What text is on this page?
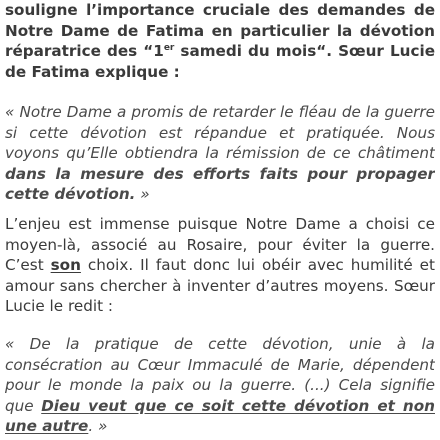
souligne l’importance cruciale des demandes de Notre Dame de Fatima en particulier la dévotion réparatrice des “1er samedi du mois“. Sœur Lucie de Fatima explique :

« Notre Dame a promis de retarder le fléau de la guerre si cette dévotion est répandue et pratiquée. Nous voyons qu’Elle obtiendra la rémission de ce châtiment dans la mesure des efforts faits pour propager cette dévotion. »

L’enjeu est immense puisque Notre Dame a choisi ce moyen-là, associé au Rosaire, pour éviter la guerre. C’est son choix. Il faut donc lui obéir avec humilité et amour sans chercher à inventer d’autres moyens. Sœur Lucie le redit :

« De la pratique de cette dévotion, unie à la consécration au Cœur Immaculé de Marie, dépendent pour le monde la paix ou la guerre. (...) Cela signifie que Dieu veut que ce soit cette dévotion et non une autre. »
